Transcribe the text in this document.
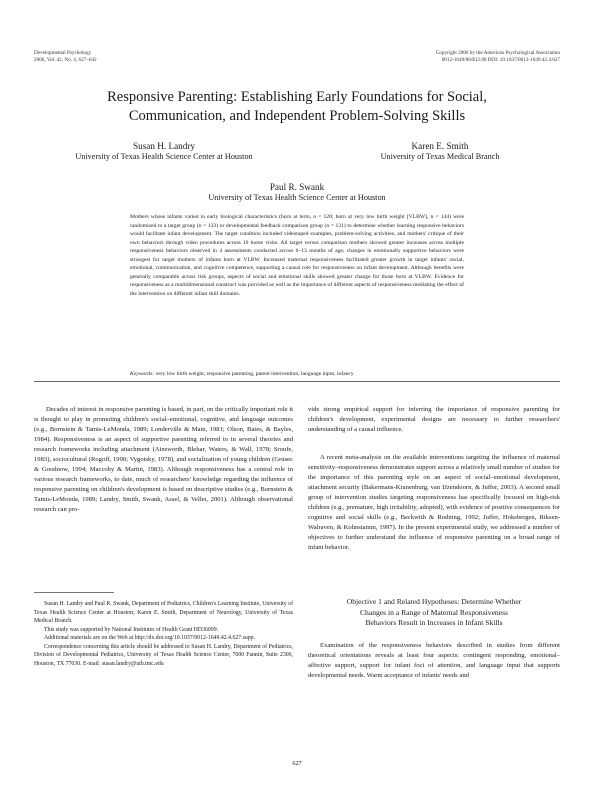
Developmental Psychology
2006, Vol. 42, No. 4, 627–642
Copyright 2006 by the American Psychological Association
0012-1649/06/$12.00 DOI: 10.1037/0012-1649.42.4.627
Responsive Parenting: Establishing Early Foundations for Social,
Communication, and Independent Problem-Solving Skills
Susan H. Landry
University of Texas Health Science Center at Houston
Karen E. Smith
University of Texas Medical Branch
Paul R. Swank
University of Texas Health Science Center at Houston
Mothers whose infants varied in early biological characteristics (born at term, n = 120; born at very low birth weight [VLBW], n = 144) were randomized to a target group (n = 133) or developmental feedback comparison group (n = 131) to determine whether learning responsive behaviors would facilitate infant development. The target condition included videotaped examples, problem-solving activities, and mothers' critique of their own behaviors through video procedures across 10 home visits. All target versus comparison mothers showed greater increases across multiple responsiveness behaviors observed in 4 assessments conducted across 6–13 months of age; changes in emotionally supportive behaviors were strongest for target mothers of infants born at VLBW. Increased maternal responsiveness facilitated greater growth in target infants' social, emotional, communication, and cognitive competence, supporting a causal role for responsiveness on infant development. Although benefits were generally comparable across risk groups, aspects of social and emotional skills showed greater change for those born at VLBW. Evidence for responsiveness as a multidimensional construct was provided as well as the importance of different aspects of responsiveness mediating the effect of the intervention on different infant skill domains.
Keywords: very low birth weight, responsive parenting, parent intervention, language input, infancy

Decades of interest in responsive parenting is based, in part, on the critically important role it is thought to play in promoting children's social–emotional, cognitive, and language outcomes (e.g., Bornstein & Tamis-LeMonda, 1989; Londerville & Main, 1981; Olson, Bates, & Bayles, 1984). Responsiveness is an aspect of supportive parenting referred to in several theories and research frameworks including attachment (Ainsworth, Blehar, Waters, & Wall, 1978; Sroufe, 1983), sociocultural (Rogoff, 1990; Vygotsky, 1978), and socialization of young children (Grusec & Goodnow, 1994; Maccoby & Martin, 1983). Although responsiveness has a central role in various research frameworks, to date, much of researchers' knowledge regarding the influence of responsive parenting on children's development is based on descriptive studies (e.g., Bornstein & Tamis-LeMonda, 1989; Landry, Smith, Swank, Assel, & Vellet, 2001). Although observational research can pro-

Susan H. Landry and Paul R. Swank, Department of Pediatrics, Children's Learning Institute, University of Texas Health Science Center at Houston; Karen E. Smith, Department of Neurology, University of Texas Medical Branch.

This study was supported by National Institutes of Health Grant HD36099.

Additional materials are on the Web at http://dx.doi.org/10.1037/0012-1649.42.4.627.supp.

Correspondence concerning this article should be addressed to Susan H. Landry, Department of Pediatrics, Division of Developmental Pediatrics, University of Texas Health Science Center, 7000 Fannin, Suite 2300, Houston, TX 77030. E-mail: susan.landry@uth.tmc.edu

vide strong empirical support for inferring the importance of responsive parenting for children's development, experimental designs are necessary to further researchers' understanding of a causal influence.

A recent meta-analysis on the available interventions targeting the influence of maternal sensitivity–responsiveness demonstrates support across a relatively small number of studies for the importance of this parenting style on an aspect of social–emotional development, attachment security (Bakermans-Kranenburg, van IJzendoorn, & Juffer, 2003). A second small group of intervention studies targeting responsiveness has specifically focused on high-risk children (e.g., premature, high irritability, adopted), with evidence of positive consequences for cognitive and social skills (e.g., Beckwith & Rodning, 1992; Juffer, Hoksbergen, Riksen-Walraven, & Kohnstamm, 1997). In the present experimental study, we addressed a number of objectives to further understand the influence of responsive parenting on a broad range of infant behavior.

Objective 1 and Related Hypotheses: Determine Whether
Changes in a Range of Maternal Responsiveness
Behaviors Result in Increases in Infant Skills

Examination of the responsiveness behaviors described in studies from different theoretical orientations reveals at least four aspects: contingent responding, emotional–affective support, support for infant foci of attention, and language input that supports developmental needs. Warm acceptance of infants' needs and

627
